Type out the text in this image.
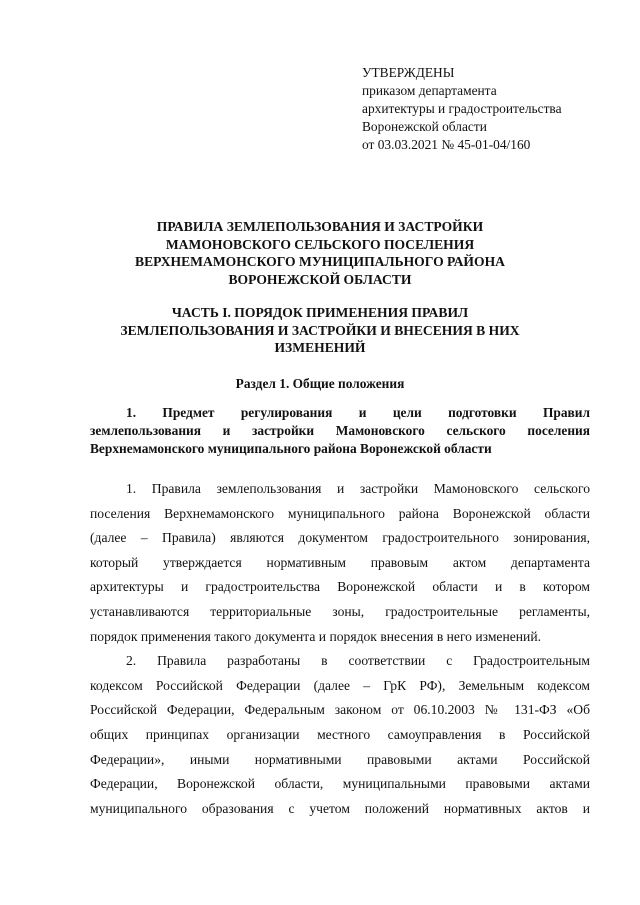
УТВЕРЖДЕНЫ
приказом департамента
архитектуры и градостроительства
Воронежской области
от 03.03.2021 № 45-01-04/160
ПРАВИЛА ЗЕМЛЕПОЛЬЗОВАНИЯ И ЗАСТРОЙКИ
МАМОНОВСКОГО СЕЛЬСКОГО ПОСЕЛЕНИЯ
ВЕРХНЕМАМОНСКОГО МУНИЦИПАЛЬНОГО РАЙОНА
ВОРОНЕЖСКОЙ ОБЛАСТИ
ЧАСТЬ I. ПОРЯДОК ПРИМЕНЕНИЯ ПРАВИЛ
ЗЕМЛЕПОЛЬЗОВАНИЯ И ЗАСТРОЙКИ И ВНЕСЕНИЯ В НИХ
ИЗМЕНЕНИЙ
Раздел 1. Общие положения
1. Предмет регулирования и цели подготовки Правил
землепользования и застройки Мамоновского сельского поселения
Верхнемамонского муниципального района Воронежской области
1. Правила землепользования и застройки Мамоновского сельского
поселения Верхнемамонского муниципального района Воронежской области
(далее – Правила) являются документом градостроительного зонирования,
который утверждается нормативным правовым актом департамента
архитектуры и градостроительства Воронежской области и в котором
устанавливаются территориальные зоны, градостроительные регламенты,
порядок применения такого документа и порядок внесения в него изменений.
2. Правила разработаны в соответствии с Градостроительным
кодексом Российской Федерации (далее – ГрК РФ), Земельным кодексом
Российской Федерации, Федеральным законом от 06.10.2003 № 131-ФЗ «Об
общих принципах организации местного самоуправления в Российской
Федерации», иными нормативными правовыми актами Российской
Федерации, Воронежской области, муниципальными правовыми актами
муниципального образования с учетом положений нормативных актов и
